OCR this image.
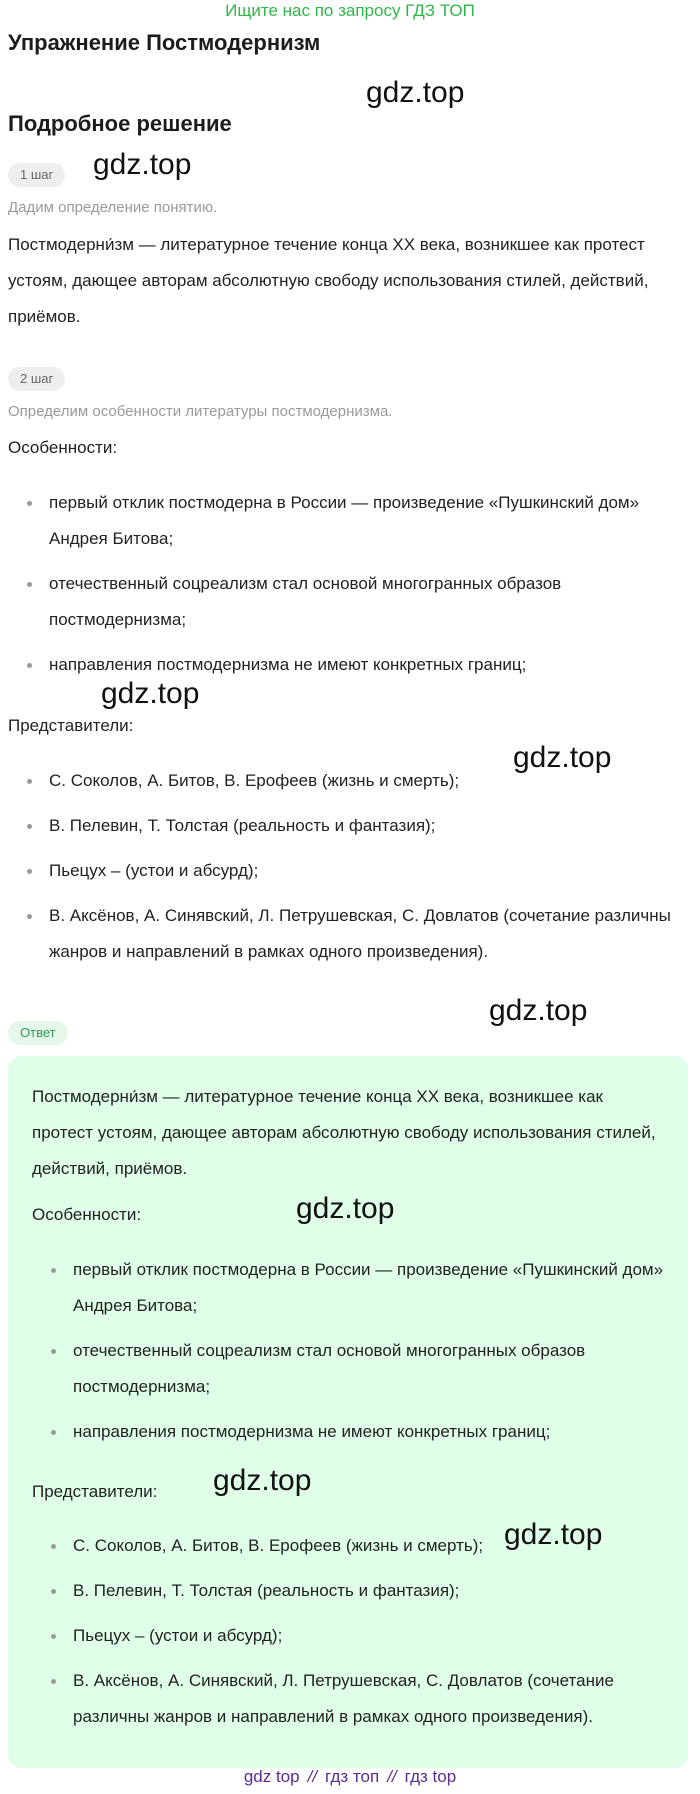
Ищите нас по запросу ГДЗ ТОП
Упражнение Постмодернизм
gdz.top
Подробное решение
1 шаг	gdz.top
Дадим определение понятию.
Постмодерни́зм — литературное течение конца XX века, возникшее как протест устоям, дающее авторам абсолютную свободу использования стилей, действий, приёмов.
2 шаг
Определим особенности литературы постмодернизма.
Особенности:
первый отклик постмодерна в России — произведение «Пушкинский дом» Андрея Битова;
отечественный соцреализм стал основой многогранных образов постмодернизма;
направления постмодернизма не имеют конкретных границ;
gdz.top
Представители:
gdz.top
С. Соколов, А. Битов, В. Ерофеев (жизнь и смерть);
В. Пелевин, Т. Толстая (реальность и фантазия);
Пьецух – (устои и абсурд);
В. Аксёнов, А. Синявский, Л. Петрушевская, С. Довлатов (сочетание различны жанров и направлений в рамках одного произведения).
Ответ
gdz.top
Постмодерни́зм — литературное течение конца XX века, возникшее как протест устоям, дающее авторам абсолютную свободу использования стилей, действий, приёмов.
Особенности:	gdz.top
первый отклик постмодерна в России — произведение «Пушкинский дом» Андрея Битова;
отечественный соцреализм стал основой многогранных образов постмодернизма;
направления постмодернизма не имеют конкретных границ;
Представители: gdz.top
gdz.top
С. Соколов, А. Битов, В. Ерофеев (жизнь и смерть);
В. Пелевин, Т. Толстая (реальность и фантазия);
Пьецух – (устои и абсурд);
В. Аксёнов, А. Синявский, Л. Петрушевская, С. Довлатов (сочетание различны жанров и направлений в рамках одного произведения).
gdz top // гдз топ // гдз top
